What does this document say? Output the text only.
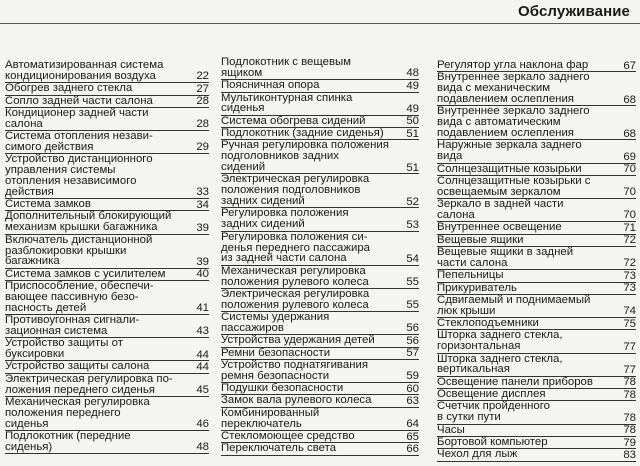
Обслуживание
Автоматизированная система
кондиционирования воздуха	22
Обогрев заднего стекла	27
Сопло задней части салона	28
Кондиционер задней части
салона	28
Система отопления незави-
симого действия	29
Устройство дистанционного
управления системы
отопления независимого
действия	33
Система замков	34
Дополнительный блокирующий
механизм крышки багажника	39
Включатель дистанционной
разблокировки крышки
багажника	39
Система замков с усилителем	40
Приспособление, обеспечи-
вающее пассивную безо-
пасность детей	41
Противоугонная сигнали-
зационная система	43
Устройство защиты от
буксировки	44
Устройство защиты салона	44
Электрическая регулировка по-
ложения переднего сиденья	45
Механическая регулировка
положения переднего
сиденья	46
Подлокотник (передние
сиденья)	48
Подлокотник с вещевым
ящиком	48
Поясничная опора	49
Мультиконтурная спинка
сиденья	49
Система обогрева сидений	50
Подлокотник (задние сиденья)	51
Ручная регулировка положения
подголовников задних
сидений	51
Электрическая регулировка
положения подголовников
задних сидений	52
Регулировка положения
задних сидений	53
Регулировка положения си-
денья переднего пассажира
из задней части салона	54
Механическая регулировка
положения рулевого колеса	55
Электрическая регулировка
положения рулевого колеса	55
Системы удержания
пассажиров	56
Устройства удержания детей	56
Ремни безопасности	57
Устройство поднатягивания
ремня безопасности	59
Подушки безопасности	60
Замок вала рулевого колеса	63
Комбинированный
переключатель	64
Стекломоющее средство	65
Переключатель света	66
Регулятор угла наклона фар	67
Внутреннее зеркало заднего
вида с механическим
подавлением ослепления	68
Внутреннее зеркало заднего
вида с автоматическим
подавлением ослепления	68
Наружные зеркала заднего
вида	69
Солнцезащитные козырьки	70
Солнцезащитные козырьки с
освещаемым зеркалом	70
Зеркало в задней части
салона	70
Внутреннее освещение	71
Вещевые ящики	72
Вещевые ящики в задней
части салона	72
Пепельницы	73
Прикуриватель	73
Сдвигаемый и поднимаемый
люк крыши	74
Стеклоподъемники	75
Шторка заднего стекла,
горизонтальная	77
Шторка заднего стекла,
вертикальная	77
Освещение панели приборов	78
Освещение дисплея	78
Счетчик пройденного
в сутки пути	78
Часы	78
Бортовой компьютер	79
Чехол для лыж	83
